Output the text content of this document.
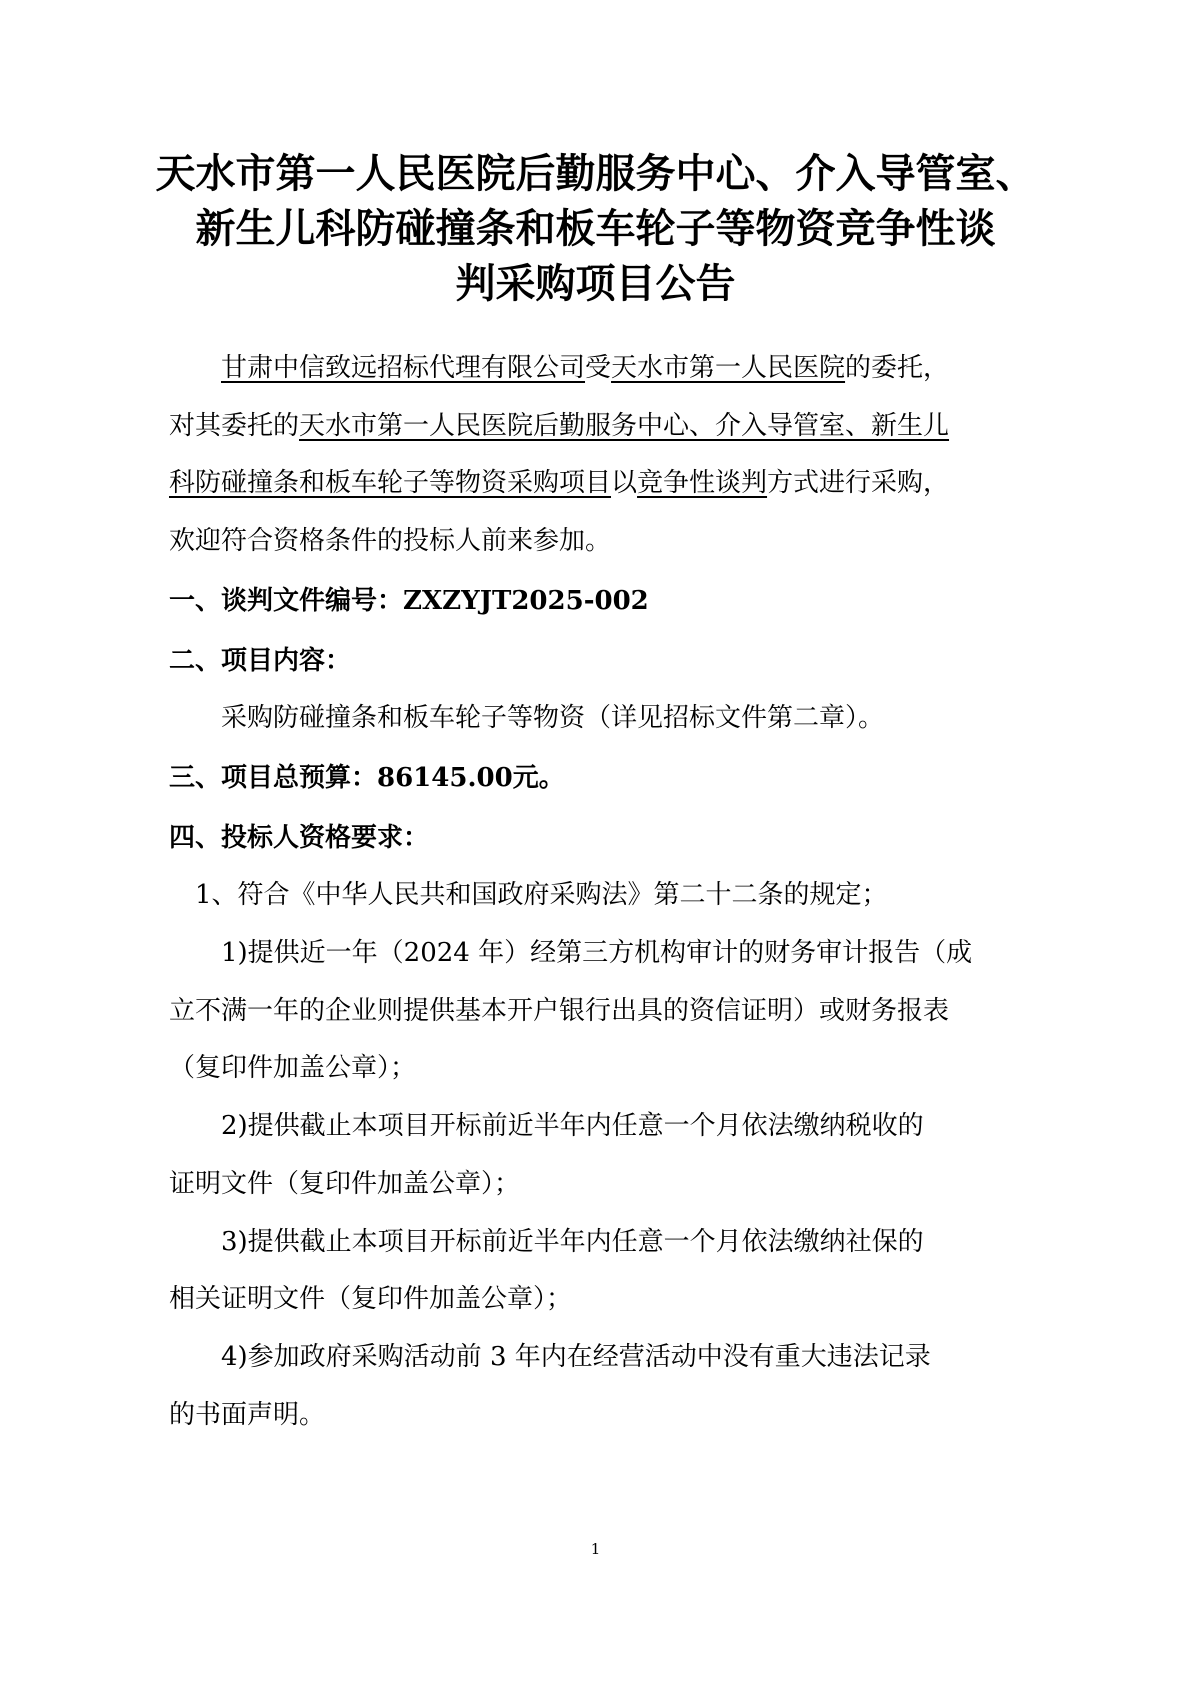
天水市第一人民医院后勤服务中心、介入导管室、
新生儿科防碰撞条和板车轮子等物资竞争性谈
判采购项目公告
甘肃中信致远招标代理有限公司受天水市第一人民医院的委托，
对其委托的天水市第一人民医院后勤服务中心、介入导管室、新生儿
科防碰撞条和板车轮子等物资采购项目以竞争性谈判方式进行采购，
欢迎符合资格条件的投标人前来参加。
一、谈判文件编号：ZXZYJT2025-002
二、项目内容：
采购防碰撞条和板车轮子等物资（详见招标文件第二章）。
三、项目总预算：86145.00元。
四、投标人资格要求：
1、符合《中华人民共和国政府采购法》第二十二条的规定；
1)提供近一年（2024 年）经第三方机构审计的财务审计报告（成
立不满一年的企业则提供基本开户银行出具的资信证明）或财务报表
（复印件加盖公章）；
2)提供截止本项目开标前近半年内任意一个月依法缴纳税收的
证明文件（复印件加盖公章）；
3)提供截止本项目开标前近半年内任意一个月依法缴纳社保的
相关证明文件（复印件加盖公章）；
4)参加政府采购活动前 3 年内在经营活动中没有重大违法记录
的书面声明。
1
